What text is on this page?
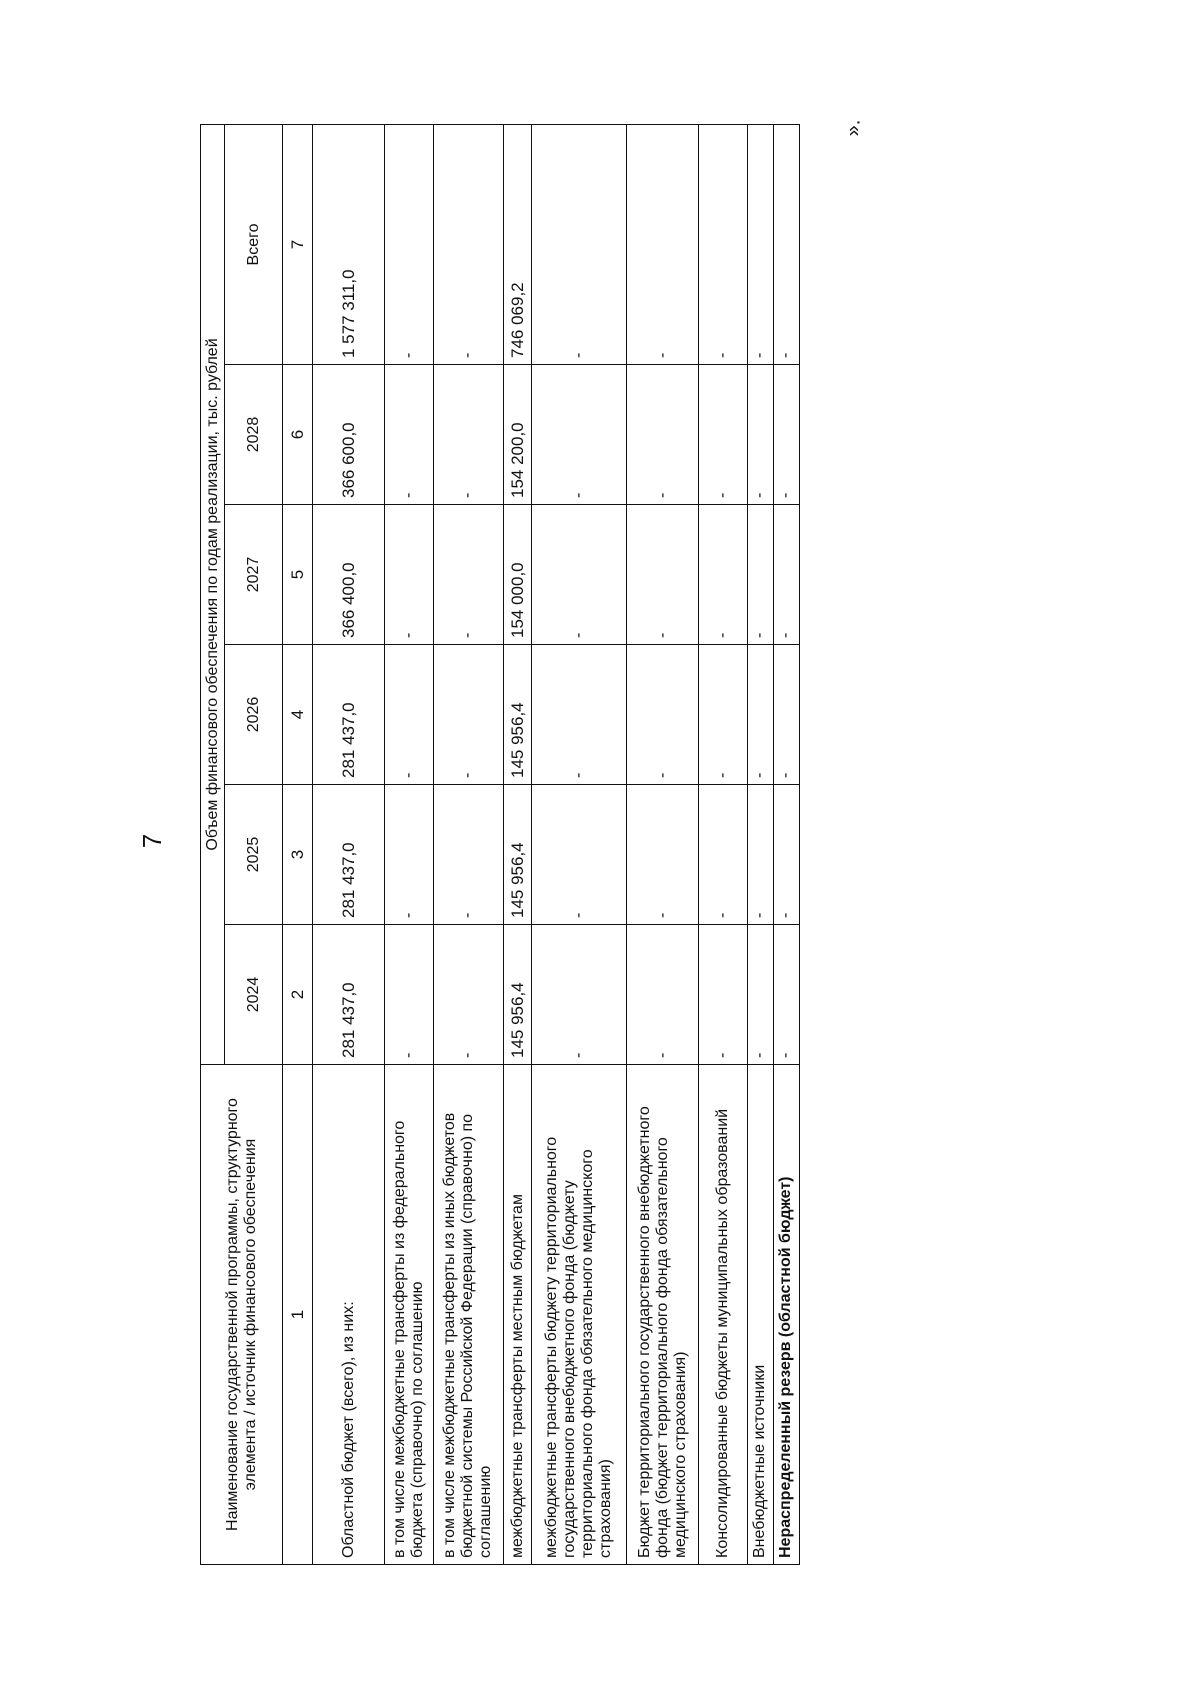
7
».
Наименование государственной программы, структурного элемента / источник финансового обеспечения	Объем финансового обеспечения по годам реализации, тыс. рублей					
	2024	2025	2026	2027	2028	Всего
1	2	3	4	5	6	7
Областной бюджет (всего), из них:	281 437,0	281 437,0	281 437,0	366 400,0	366 600,0	1 577 311,0
в том числе межбюджетные трансферты из федерального бюджета (справочно) по соглашению	-	-	-	-	-	-
в том числе межбюджетные трансферты из иных бюджетов бюджетной системы Российской Федерации (справочно) по соглашению	-	-	-	-	-	-
межбюджетные трансферты местным бюджетам	145 956,4	145 956,4	145 956,4	154 000,0	154 200,0	746 069,2
межбюджетные трансферты бюджету территориального государственного внебюджетного фонда (бюджету территориального фонда обязательного медицинского страхования)	-	-	-	-	-	-
Бюджет территориального государственного внебюджетного фонда (бюджет территориального фонда обязательного медицинского страхования)	-	-	-	-	-	-
Консолидированные бюджеты муниципальных образований	-	-	-	-	-	-
Внебюджетные источники	-	-	-	-	-	-
Нераспределенный резерв (областной бюджет)	-	-	-	-	-	-
